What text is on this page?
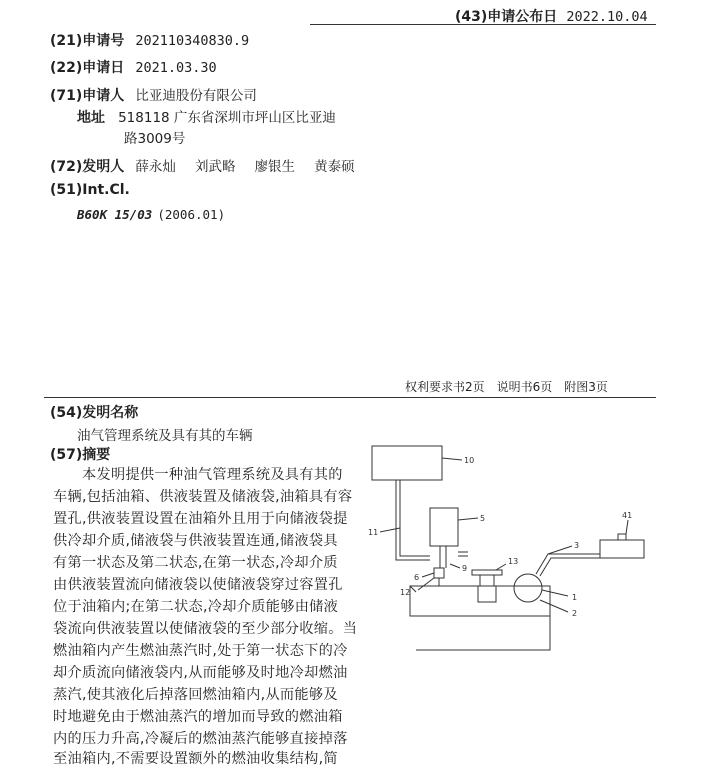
(43)申请公布日 2022.10.04
(21)申请号 202110340830.9
(22)申请日 2021.03.30
(71)申请人 比亚迪股份有限公司
地址 518118 广东省深圳市坪山区比亚迪
路3009号
(72)发明人 薛永灿 刘武略 廖银生 黄泰硕
(51)Int.Cl.
B60K 15/03 (2006.01)
权利要求书2页　说明书6页　附图3页
(54)发明名称
油气管理系统及具有其的车辆
(57)摘要
　　本发明提供一种油气管理系统及具有其的
车辆,包括油箱、供液装置及储液袋,油箱具有容
置孔,供液装置设置在油箱外且用于向储液袋提
供冷却介质,储液袋与供液装置连通,储液袋具
有第一状态及第二状态,在第一状态,冷却介质
由供液装置流向储液袋以使储液袋穿过容置孔
位于油箱内;在第二状态,冷却介质能够由储液
袋流向供液装置以使储液袋的至少部分收缩。当
燃油箱内产生燃油蒸汽时,处于第一状态下的冷
却介质流向储液袋内,从而能够及时地冷却燃油
蒸汽,使其液化后掉落回燃油箱内,从而能够及
时地避免由于燃油蒸汽的增加而导致的燃油箱
内的压力升高,冷凝后的燃油蒸汽能够直接掉落
至油箱内,不需要设置额外的燃油收集结构,简
10
5
11
3
41
6
9
13
12
1
2
